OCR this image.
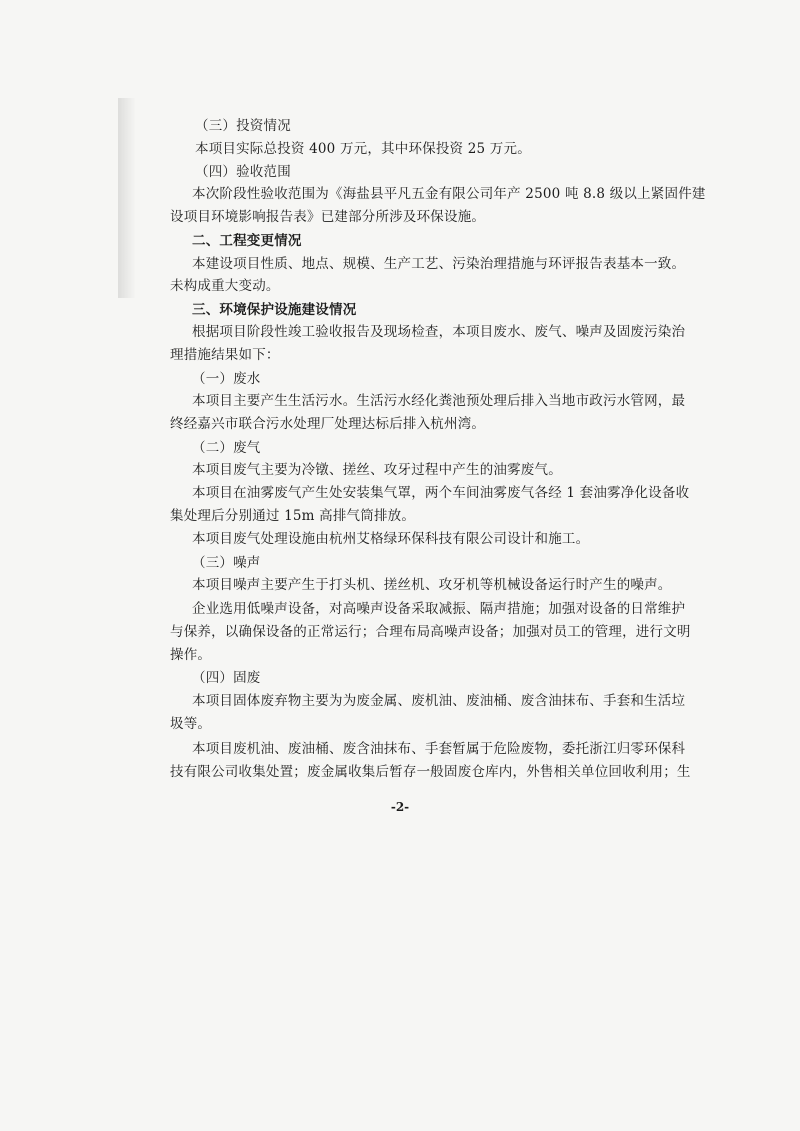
（三）投资情况
本项目实际总投资 400 万元，其中环保投资 25 万元。
（四）验收范围
本次阶段性验收范围为《海盐县平凡五金有限公司年产 2500 吨 8.8 级以上紧固件建
设项目环境影响报告表》已建部分所涉及环保设施。
二、工程变更情况
本建设项目性质、地点、规模、生产工艺、污染治理措施与环评报告表基本一致。
未构成重大变动。
三、环境保护设施建设情况
根据项目阶段性竣工验收报告及现场检查，本项目废水、废气、噪声及固废污染治
理措施结果如下：
（一）废水
本项目主要产生生活污水。生活污水经化粪池预处理后排入当地市政污水管网，最
终经嘉兴市联合污水处理厂处理达标后排入杭州湾。
（二）废气
本项目废气主要为冷镦、搓丝、攻牙过程中产生的油雾废气。
本项目在油雾废气产生处安装集气罩，两个车间油雾废气各经 1 套油雾净化设备收
集处理后分别通过 15m 高排气筒排放。
本项目废气处理设施由杭州艾格绿环保科技有限公司设计和施工。
（三）噪声
本项目噪声主要产生于打头机、搓丝机、攻牙机等机械设备运行时产生的噪声。
企业选用低噪声设备，对高噪声设备采取减振、隔声措施；加强对设备的日常维护
与保养，以确保设备的正常运行；合理布局高噪声设备；加强对员工的管理，进行文明
操作。
（四）固废
本项目固体废弃物主要为为废金属、废机油、废油桶、废含油抹布、手套和生活垃
圾等。
本项目废机油、废油桶、废含油抹布、手套暂属于危险废物，委托浙江归零环保科
技有限公司收集处置；废金属收集后暂存一般固废仓库内，外售相关单位回收利用；生
-2-
